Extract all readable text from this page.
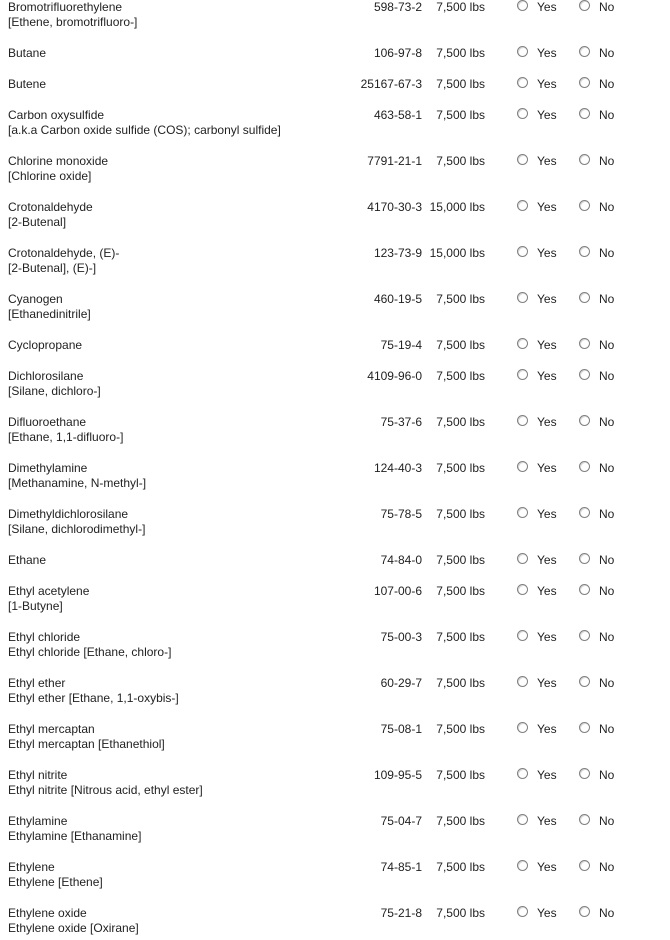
Bromotrifluorethylene
[Ethene, bromotrifluoro-]
598-73-2 7,500 lbs	Yes	No
Butane	106-97-8 7,500 lbs	Yes	No
Butene	25167-67-3 7,500 lbs	Yes	No
Carbon oxysulfide
[a.k.a Carbon oxide sulfide (COS); carbonyl sulfide]
463-58-1 7,500 lbs	Yes	No
Chlorine monoxide
[Chlorine oxide]
7791-21-1 7,500 lbs	Yes	No
Crotonaldehyde
[2-Butenal]
4170-30-3 15,000 lbs	Yes	No
Crotonaldehyde, (E)-
[2-Butenal], (E)-]
123-73-9 15,000 lbs	Yes	No
Cyanogen
[Ethanedinitrile]
460-19-5 7,500 lbs	Yes	No
Cyclopropane	75-19-4 7,500 lbs	Yes	No
Dichlorosilane
[Silane, dichloro-]
4109-96-0 7,500 lbs	Yes	No
Difluoroethane
[Ethane, 1,1-difluoro-]
75-37-6 7,500 lbs	Yes	No
Dimethylamine
[Methanamine, N-methyl-]
124-40-3 7,500 lbs	Yes	No
Dimethyldichlorosilane
[Silane, dichlorodimethyl-]
75-78-5 7,500 lbs	Yes	No
Ethane	74-84-0 7,500 lbs	Yes	No
Ethyl acetylene
[1-Butyne]
107-00-6 7,500 lbs	Yes	No
Ethyl chloride
Ethyl chloride [Ethane, chloro-]
75-00-3 7,500 lbs	Yes	No
Ethyl ether
Ethyl ether [Ethane, 1,1-oxybis-]
60-29-7 7,500 lbs	Yes	No
Ethyl mercaptan
Ethyl mercaptan [Ethanethiol]
75-08-1 7,500 lbs	Yes	No
Ethyl nitrite
Ethyl nitrite [Nitrous acid, ethyl ester]
109-95-5 7,500 lbs	Yes	No
Ethylamine
Ethylamine [Ethanamine]
75-04-7 7,500 lbs	Yes	No
Ethylene
Ethylene [Ethene]
74-85-1 7,500 lbs	Yes	No
Ethylene oxide
Ethylene oxide [Oxirane]
75-21-8 7,500 lbs	Yes	No
